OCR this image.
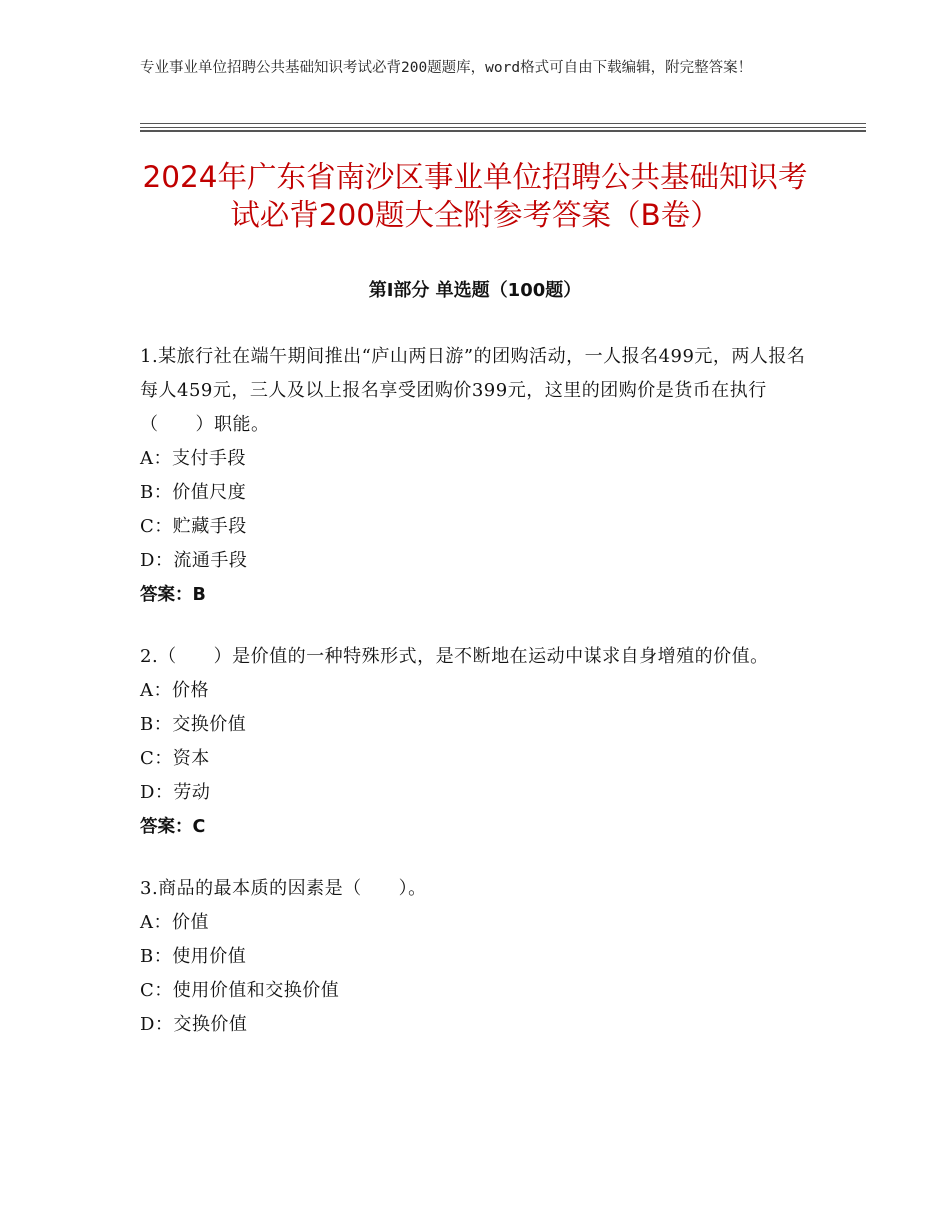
专业事业单位招聘公共基础知识考试必背200题题库，word格式可自由下载编辑，附完整答案！
2024年广东省南沙区事业单位招聘公共基础知识考试必背200题大全附参考答案（B卷）
第Ⅰ部分 单选题（100题）
1.某旅行社在端午期间推出“庐山两日游”的团购活动，一人报名499元，两人报名每人459元，三人及以上报名享受团购价399元，这里的团购价是货币在执行（　　）职能。
A：支付手段
B：价值尺度
C：贮藏手段
D：流通手段
答案：B
2.（　　）是价值的一种特殊形式，是不断地在运动中谋求自身增殖的价值。
A：价格
B：交换价值
C：资本
D：劳动
答案：C
3.商品的最本质的因素是（　　）。
A：价值
B：使用价值
C：使用价值和交换价值
D：交换价值
